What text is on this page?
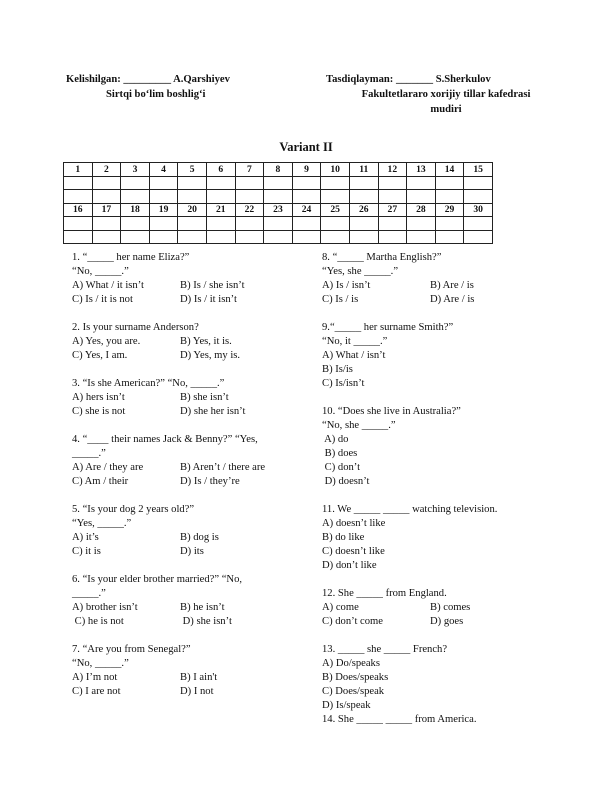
Kelishilgan: _________ A.Qarshiyev
Sirtqi bo‘lim boshlig‘i
Tasdiqlayman: _______ S.Sherkulov
Fakultetlararo xorijiy tillar kafedrasi
mudiri
Variant II
1	2	3	4	5	6	7	8	9	10	11	12	13	14	15

16	17	18	19	20	21	22	23	24	25	26	27	28	29	30

1. “_____ her name Eliza?”
“No, _____.”
A) What / it isn’t	B) Is / she isn’t
C) Is / it is not	D) Is / it isn’t
2. Is your surname Anderson?
A) Yes, you are.	B) Yes, it is.
C) Yes, I am.	D) Yes, my is.
3. “Is she American?” “No, _____.”
A) hers isn’t	B) she isn’t
C) she is not	D) she her isn’t
4. “____ their names Jack & Benny?” “Yes,
_____.”
A) Are / they are	B) Aren’t / there are
C) Am / their	D) Is / they’re
5. “Is your dog 2 years old?”
“Yes, _____.”
A) it’s	B) dog is
C) it is	D) its
6. “Is your elder brother married?” “No,
_____.”
A) brother isn’t	B) he isn’t
C) he is not	D) she isn’t
7. “Are you from Senegal?”
“No, _____.”
A) I’m not	B) I ain't
C) I are not	D) I not
8. “_____ Martha English?”
“Yes, she _____.”
A) Is / isn’t	B) Are / is
C) Is / is	D) Are / is
9.“_____ her surname Smith?”
“No, it _____.”
A) What / isn’t
B) Is/is
C) Is/isn’t
10. “Does she live in Australia?”
“No, she _____.”
A) do
B) does
C) don’t
D) doesn’t
11. We _____ _____ watching television.
A) doesn’t like
B) do like
C) doesn’t like
D) don’t like
12. She _____ from England.
A) come	B) comes
C) don’t come	D) goes
13. _____ she _____ French?
A) Do/speaks
B) Does/speaks
C) Does/speak
D) Is/speak
14. She _____ _____ from America.
